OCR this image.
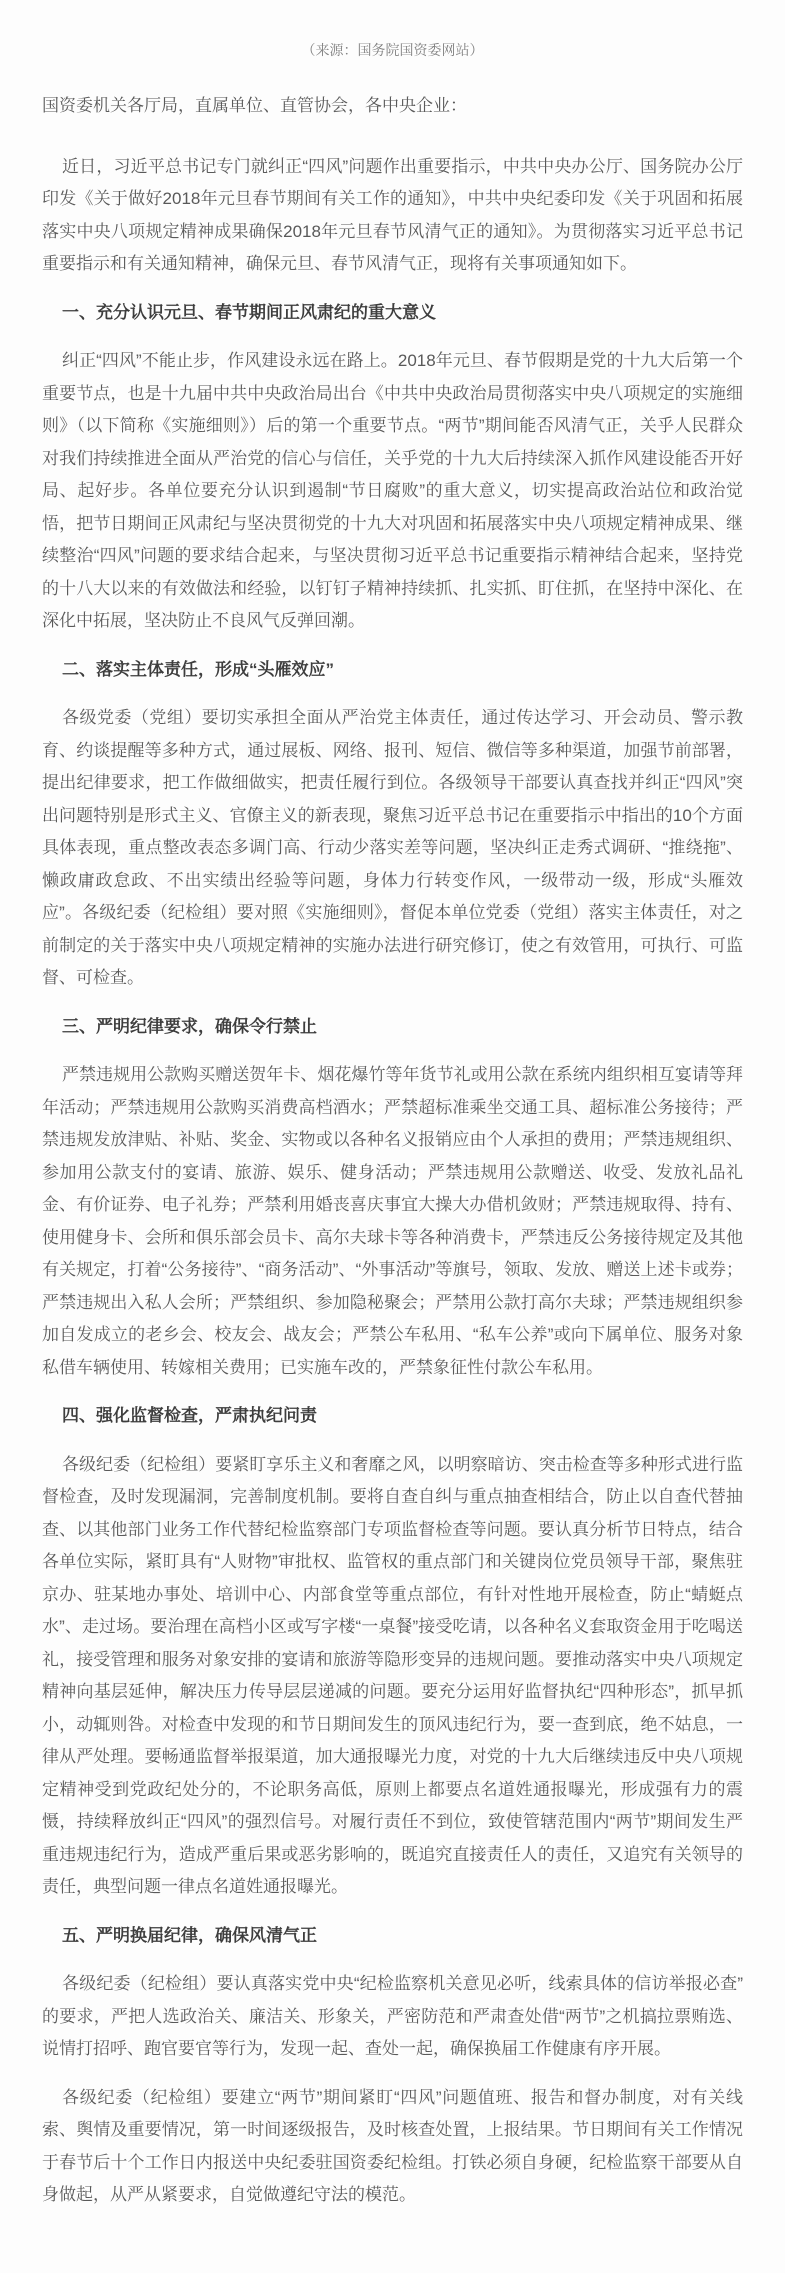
（来源：国务院国资委网站）
国资委机关各厅局，直属单位、直管协会，各中央企业：

近日，习近平总书记专门就纠正“四风”问题作出重要指示，中共中央办公厅、国务院办公厅印发《关于做好2018年元旦春节期间有关工作的通知》，中共中央纪委印发《关于巩固和拓展落实中央八项规定精神成果确保2018年元旦春节风清气正的通知》。为贯彻落实习近平总书记重要指示和有关通知精神，确保元旦、春节风清气正，现将有关事项通知如下。

一、充分认识元旦、春节期间正风肃纪的重大意义

纠正“四风”不能止步，作风建设永远在路上。2018年元旦、春节假期是党的十九大后第一个重要节点，也是十九届中共中央政治局出台《中共中央政治局贯彻落实中央八项规定的实施细则》（以下简称《实施细则》）后的第一个重要节点。“两节”期间能否风清气正，关乎人民群众对我们持续推进全面从严治党的信心与信任，关乎党的十九大后持续深入抓作风建设能否开好局、起好步。各单位要充分认识到遏制“节日腐败”的重大意义，切实提高政治站位和政治觉悟，把节日期间正风肃纪与坚决贯彻党的十九大对巩固和拓展落实中央八项规定精神成果、继续整治“四风”问题的要求结合起来，与坚决贯彻习近平总书记重要指示精神结合起来，坚持党的十八大以来的有效做法和经验，以钉钉子精神持续抓、扎实抓、盯住抓，在坚持中深化、在深化中拓展，坚决防止不良风气反弹回潮。

二、落实主体责任，形成“头雁效应”

各级党委（党组）要切实承担全面从严治党主体责任，通过传达学习、开会动员、警示教育、约谈提醒等多种方式，通过展板、网络、报刊、短信、微信等多种渠道，加强节前部署，提出纪律要求，把工作做细做实，把责任履行到位。各级领导干部要认真查找并纠正“四风”突出问题特别是形式主义、官僚主义的新表现，聚焦习近平总书记在重要指示中指出的10个方面具体表现，重点整改表态多调门高、行动少落实差等问题，坚决纠正走秀式调研、“推绕拖”、懒政庸政怠政、不出实绩出经验等问题，身体力行转变作风，一级带动一级，形成“头雁效应”。各级纪委（纪检组）要对照《实施细则》，督促本单位党委（党组）落实主体责任，对之前制定的关于落实中央八项规定精神的实施办法进行研究修订，使之有效管用，可执行、可监督、可检查。

三、严明纪律要求，确保令行禁止

严禁违规用公款购买赠送贺年卡、烟花爆竹等年货节礼或用公款在系统内组织相互宴请等拜年活动；严禁违规用公款购买消费高档酒水；严禁超标准乘坐交通工具、超标准公务接待；严禁违规发放津贴、补贴、奖金、实物或以各种名义报销应由个人承担的费用；严禁违规组织、参加用公款支付的宴请、旅游、娱乐、健身活动；严禁违规用公款赠送、收受、发放礼品礼金、有价证券、电子礼券；严禁利用婚丧喜庆事宜大操大办借机敛财；严禁违规取得、持有、使用健身卡、会所和俱乐部会员卡、高尔夫球卡等各种消费卡，严禁违反公务接待规定及其他有关规定，打着“公务接待”、“商务活动”、“外事活动”等旗号，领取、发放、赠送上述卡或券；严禁违规出入私人会所；严禁组织、参加隐秘聚会；严禁用公款打高尔夫球；严禁违规组织参加自发成立的老乡会、校友会、战友会；严禁公车私用、“私车公养”或向下属单位、服务对象私借车辆使用、转嫁相关费用；已实施车改的，严禁象征性付款公车私用。

四、强化监督检查，严肃执纪问责

各级纪委（纪检组）要紧盯享乐主义和奢靡之风，以明察暗访、突击检查等多种形式进行监督检查，及时发现漏洞，完善制度机制。要将自查自纠与重点抽查相结合，防止以自查代替抽查、以其他部门业务工作代替纪检监察部门专项监督检查等问题。要认真分析节日特点，结合各单位实际，紧盯具有“人财物”审批权、监管权的重点部门和关键岗位党员领导干部，聚焦驻京办、驻某地办事处、培训中心、内部食堂等重点部位，有针对性地开展检查，防止“蜻蜓点水”、走过场。要治理在高档小区或写字楼“一桌餐”接受吃请，以各种名义套取资金用于吃喝送礼，接受管理和服务对象安排的宴请和旅游等隐形变异的违规问题。要推动落实中央八项规定精神向基层延伸，解决压力传导层层递减的问题。要充分运用好监督执纪“四种形态”，抓早抓小，动辄则咎。对检查中发现的和节日期间发生的顶风违纪行为，要一查到底，绝不姑息，一律从严处理。要畅通监督举报渠道，加大通报曝光力度，对党的十九大后继续违反中央八项规定精神受到党政纪处分的，不论职务高低，原则上都要点名道姓通报曝光，形成强有力的震慑，持续释放纠正“四风”的强烈信号。对履行责任不到位，致使管辖范围内“两节”期间发生严重违规违纪行为，造成严重后果或恶劣影响的，既追究直接责任人的责任，又追究有关领导的责任，典型问题一律点名道姓通报曝光。

五、严明换届纪律，确保风清气正

各级纪委（纪检组）要认真落实党中央“纪检监察机关意见必听，线索具体的信访举报必查”的要求，严把人选政治关、廉洁关、形象关，严密防范和严肃查处借“两节”之机搞拉票贿选、说情打招呼、跑官要官等行为，发现一起、查处一起，确保换届工作健康有序开展。

各级纪委（纪检组）要建立“两节”期间紧盯“四风”问题值班、报告和督办制度，对有关线索、舆情及重要情况，第一时间逐级报告，及时核查处置，上报结果。节日期间有关工作情况于春节后十个工作日内报送中央纪委驻国资委纪检组。打铁必须自身硬，纪检监察干部要从自身做起，从严从紧要求，自觉做遵纪守法的模范。
